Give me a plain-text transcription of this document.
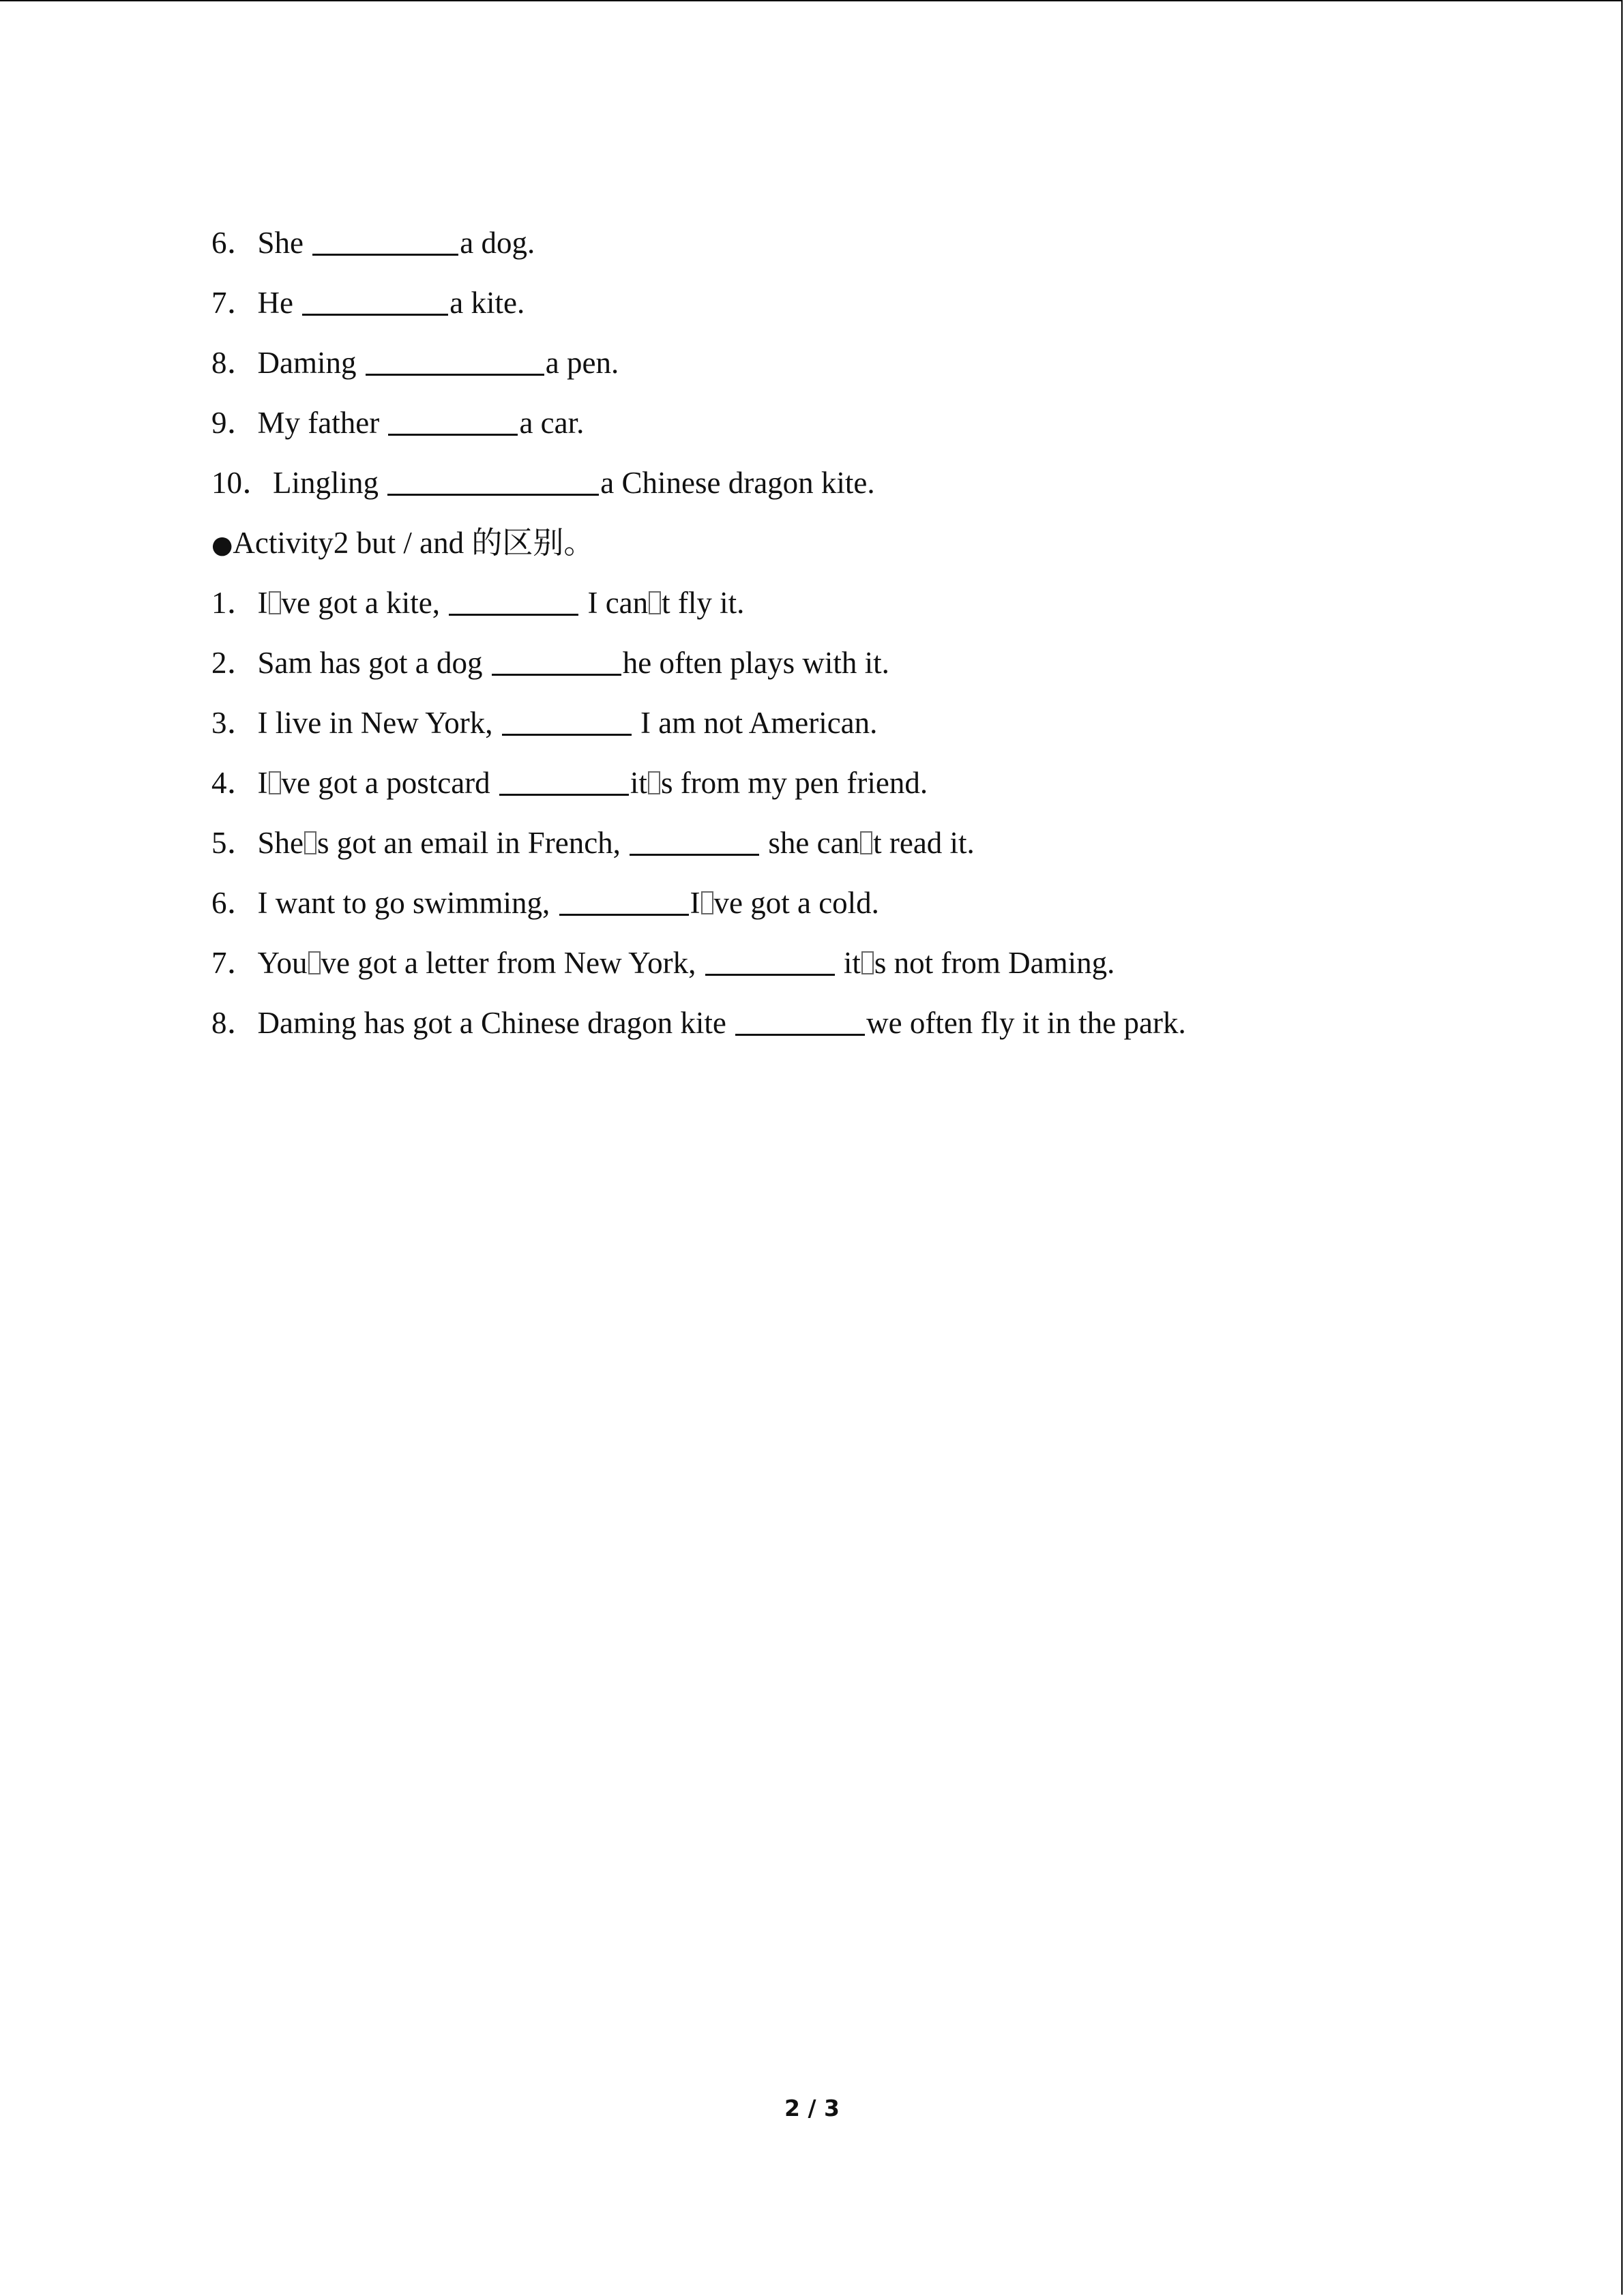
6．She	a dog.
7．He	a kite.
8．Daming	a pen.
9．My father	a car.
10．Lingling	a Chinese dragon kite.
●Activity2 but / and 的区别。
1．I ve got a kite,	I can t fly it.
2．Sam has got a dog	he often plays with it.
3．I live in New York,	I am not American.
4．I ve got a postcard	it s from my pen friend.
5．She s got an email in French,	she can t read it.
6．I want to go swimming,	I ve got a cold.
7．You ve got a letter from New York,	it s not from Daming.
8．Daming has got a Chinese dragon kite	we often fly it in the park.
2 / 3
